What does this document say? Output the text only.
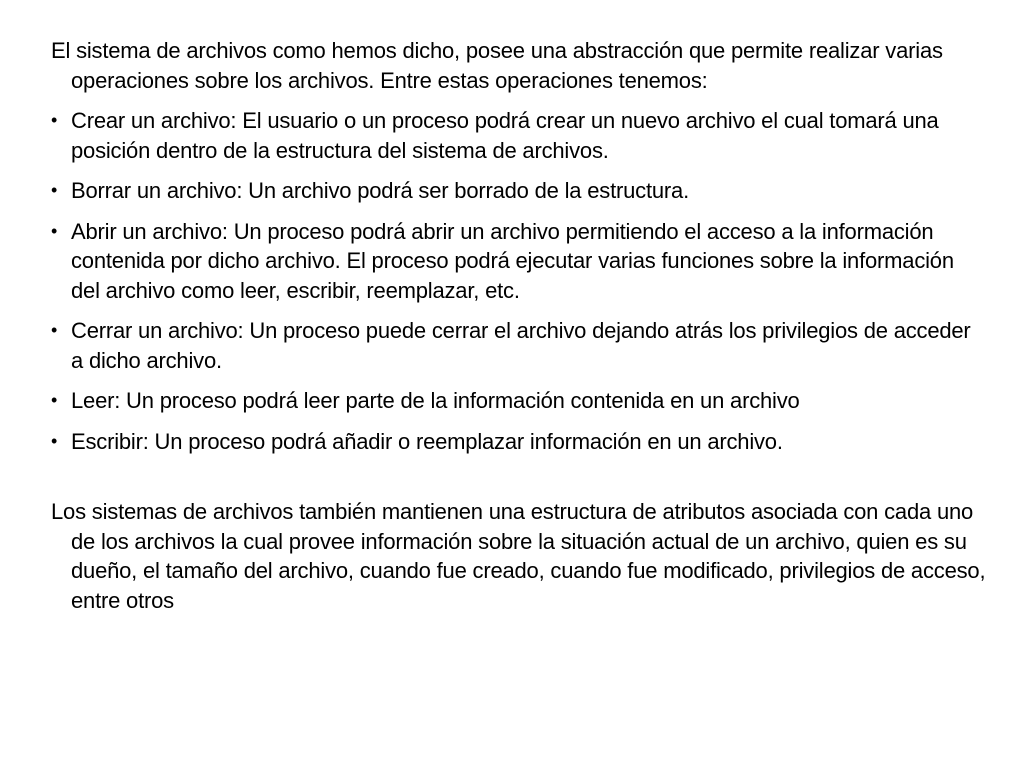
El sistema de archivos como hemos dicho, posee una abstracción que permite realizar varias operaciones sobre los archivos. Entre estas operaciones tenemos:

• Crear un archivo: El usuario o un proceso podrá crear un nuevo archivo el cual tomará una posición dentro de la estructura del sistema de archivos.
• Borrar un archivo: Un archivo podrá ser borrado de la estructura.
• Abrir un archivo: Un proceso podrá abrir un archivo permitiendo el acceso a la información contenida por dicho archivo. El proceso podrá ejecutar varias funciones sobre la información del archivo como leer, escribir, reemplazar, etc.
• Cerrar un archivo: Un proceso puede cerrar el archivo dejando atrás los privilegios de acceder a dicho archivo.
• Leer: Un proceso podrá leer parte de la información contenida en un archivo
• Escribir: Un proceso podrá añadir o reemplazar información en un archivo.

Los sistemas de archivos también mantienen una estructura de atributos asociada con cada uno de los archivos la cual provee información sobre la situación actual de un archivo, quien es su dueño, el tamaño del archivo, cuando fue creado, cuando fue modificado, privilegios de acceso, entre otros
